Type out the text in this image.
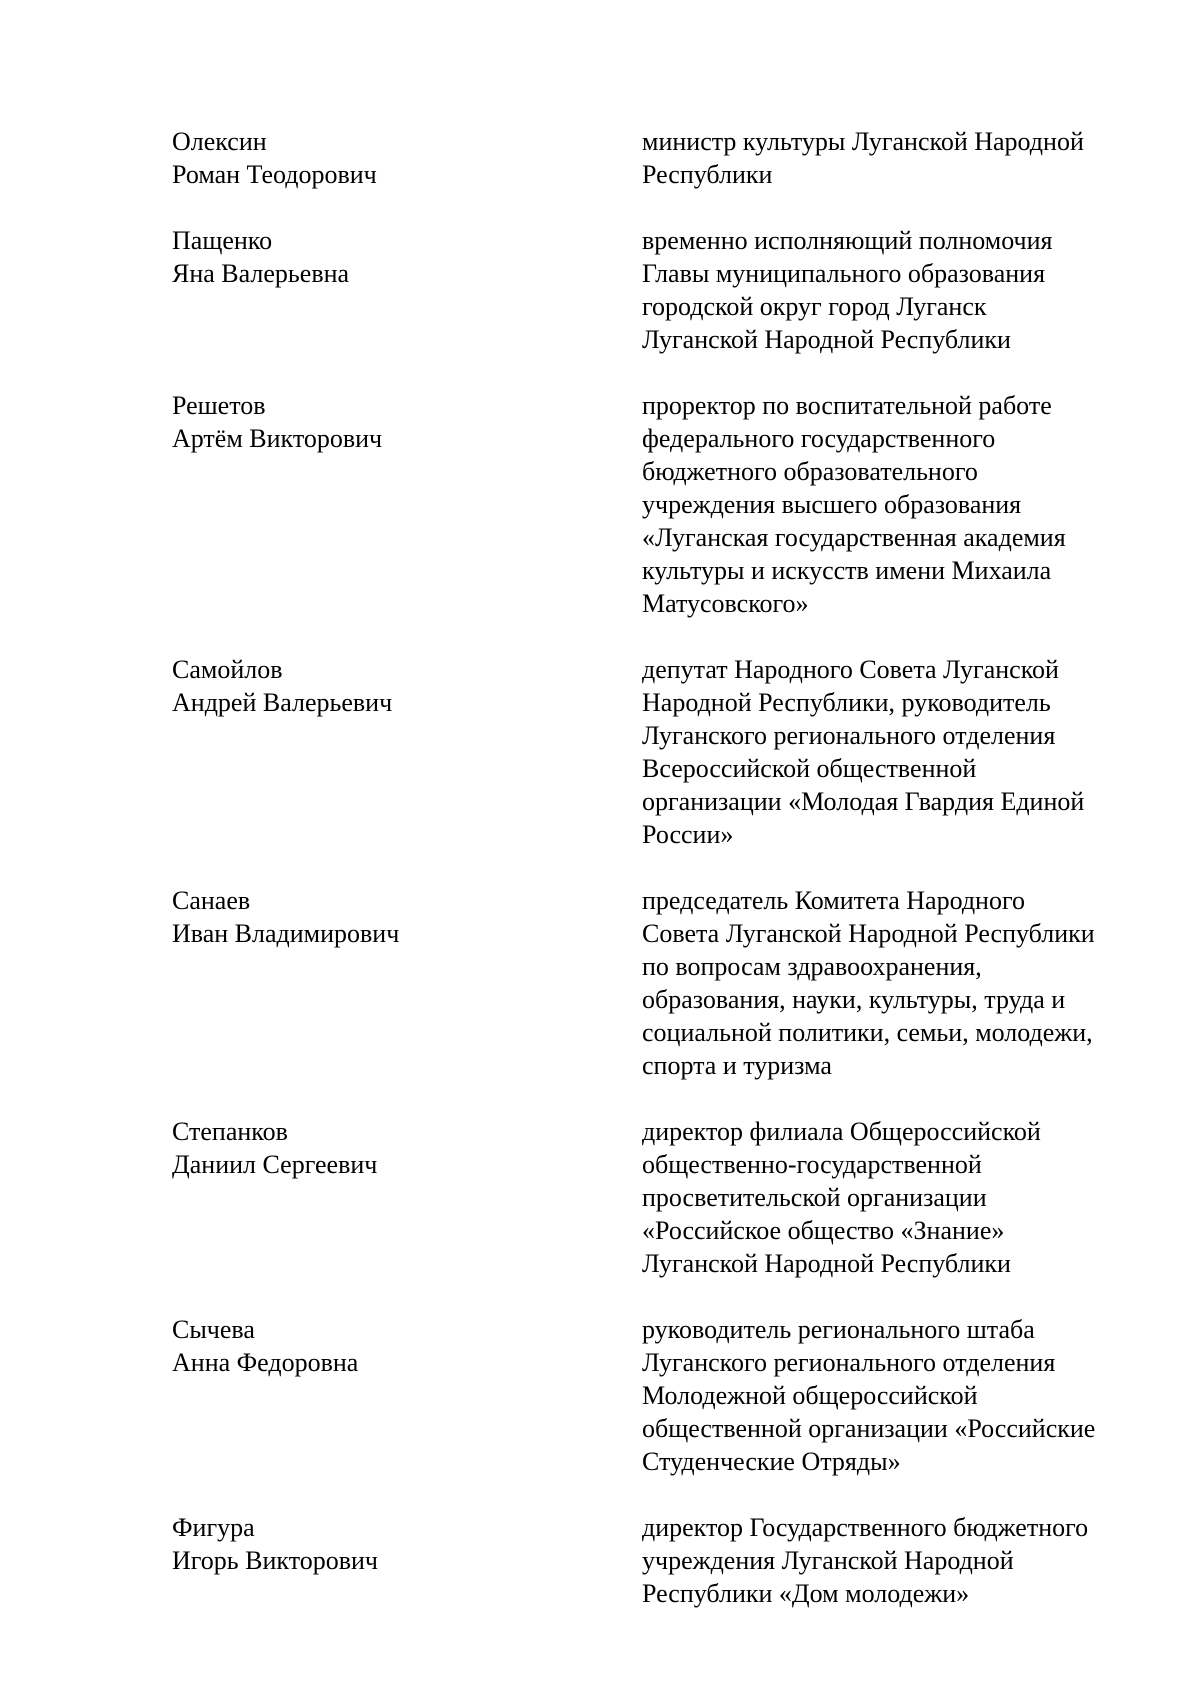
Олексин
Роман Теодорович
министр культуры Луганской Народной
Республики
Пащенко
Яна Валерьевна
временно исполняющий полномочия
Главы муниципального образования
городской округ город Луганск
Луганской Народной Республики
Решетов
Артём Викторович
проректор по воспитательной работе
федерального государственного
бюджетного образовательного
учреждения высшего образования
«Луганская государственная академия
культуры и искусств имени Михаила
Матусовского»
Самойлов
Андрей Валерьевич
депутат Народного Совета Луганской
Народной Республики, руководитель
Луганского регионального отделения
Всероссийской общественной
организации «Молодая Гвардия Единой
России»
Санаев
Иван Владимирович
председатель Комитета Народного
Совета Луганской Народной Республики
по вопросам здравоохранения,
образования, науки, культуры, труда и
социальной политики, семьи, молодежи,
спорта и туризма
Степанков
Даниил Сергеевич
директор филиала Общероссийской
общественно-государственной
просветительской организации
«Российское общество «Знание»
Луганской Народной Республики
Сычева
Анна Федоровна
руководитель регионального штаба
Луганского регионального отделения
Молодежной общероссийской
общественной организации «Российские
Студенческие Отряды»
Фигура
Игорь Викторович
директор Государственного бюджетного
учреждения Луганской Народной
Республики «Дом молодежи»
